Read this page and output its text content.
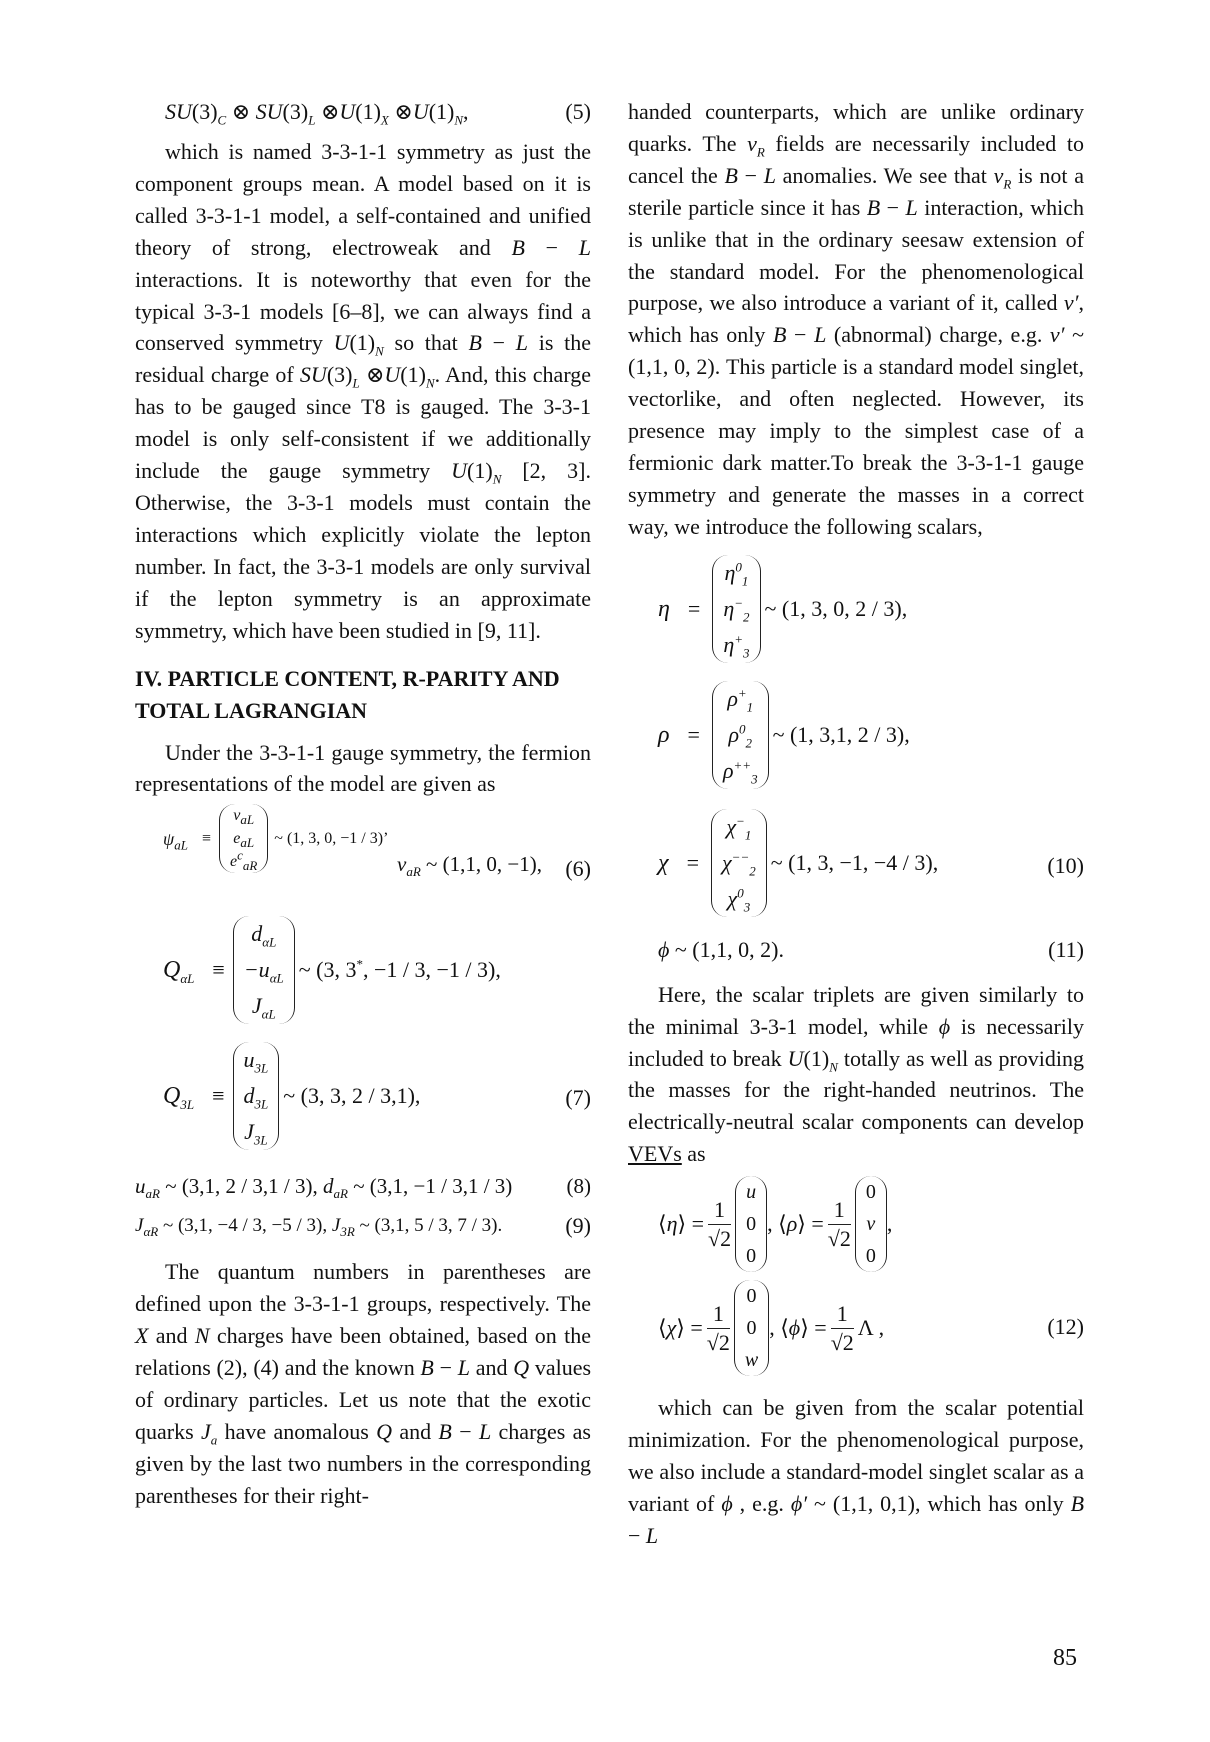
$SU(3)_C$ ⊗ $SU(3)_L$ $\otimes U(1)_X$ $\otimes U(1)_N$,	(5)

which is named 3-3-1-1 symmetry as just the component groups mean. A model based on it is called 3-3-1-1 model, a self-contained and unified theory of strong, electroweak and B − L interactions. It is noteworthy that even for the typical 3-3-1 models [6–8], we can always find a conserved symmetry $U(1)_N$ so that B − L is the residual charge of $SU(3)_L$ $\otimes U(1)_N$. And, this charge has to be gauged since T8 is gauged. The 3-3-1 model is only self-consistent if we additionally include the gauge symmetry $U(1)_N$ [2, 3]. Otherwise, the 3-3-1 models must contain the interactions which explicitly violate the lepton number. In fact, the 3-3-1 models are only survival if the lepton symmetry is an approximate symmetry, which have been studied in [9, 11].

IV. PARTICLE CONTENT, R-PARITY AND TOTAL LAGRANGIAN

Under the 3-3-1-1 gauge symmetry, the fermion representations of the model are given as

$\psi_{aL}$ ≡
$\nu_{aL}$
$e_{aL}$
$e^c_{aR}$
~ (1, 3, 0, −1 / 3)’
$\nu_{aR}$ ~ (1,1, 0, −1), (6)
$Q_{\alpha L}$ ≡
$d_{\alpha L}$
$-u_{\alpha L}$
$J_{\alpha L}$
~ (3, 3*, −1 / 3, −1 / 3),
$Q_{3L}$ ≡
$u_{3L}$
$d_{3L}$
$J_{3L}$
~ (3, 3, 2 / 3,1),	(7)
$u_{aR}$ ~ (3,1, 2 / 3,1 / 3), $d_{aR}$ ~ (3,1, −1 / 3,1 / 3)	(8)
$J_{\alpha R}$ ~ (3,1, −4 / 3, −5 / 3), $J_{3R}$ ~ (3,1, 5 / 3, 7 / 3).	(9)

The quantum numbers in parentheses are defined upon the 3-3-1-1 groups, respectively. The X and N charges have been obtained, based on the relations (2), (4) and the known B − L and Q values of ordinary particles. Let us note that the exotic quarks $J_a$ have anomalous Q and B − L charges as given by the last two numbers in the corresponding parentheses for their right-

handed counterparts, which are unlike ordinary quarks. The $\nu_R$ fields are necessarily included to cancel the B − L anomalies. We see that $\nu_R$ is not a sterile particle since it has B − L interaction, which is unlike that in the ordinary seesaw extension of the standard model. For the phenomenological purpose, we also introduce a variant of it, called ν′, which has only B − L (abnormal) charge, e.g. ν′ ~ (1,1, 0, 2). This particle is a standard model singlet, vectorlike, and often neglected. However, its presence may imply to the simplest case of a fermionic dark matter.To break the 3-3-1-1 gauge symmetry and generate the masses in a correct way, we introduce the following scalars,

η =
$\eta^0_1$
$\eta^-_2$
$\eta^+_3$
~ (1, 3, 0, 2 / 3),
ρ =
$\rho^+_1$
$\rho^0_2$
$\rho^{++}_3$
~ (1, 3,1, 2 / 3),
χ =
$\chi^-_1$
$\chi^{--}_2$
$\chi^0_3$
~ (1, 3, −1, −4 / 3),	(10)
ϕ ~ (1,1, 0, 2).	(11)

Here, the scalar triplets are given similarly to the minimal 3-3-1 model, while ϕ is necessarily included to break $U(1)_N$ totally as well as providing the masses for the right-handed neutrinos. The electrically-neutral scalar components can develop VEVs as

⟨η⟩ = $\frac{1}{√2}$
u
0
0
, ⟨ρ⟩ = $\frac{1}{√2}$
0
v
0
,
⟨χ⟩ = $\frac{1}{√2}$
0
0
w
, ⟨ϕ⟩ = $\frac{1}{√2}$ Λ ,	(12)

which can be given from the scalar potential minimization. For the phenomenological purpose, we also include a standard-model singlet scalar as a variant of ϕ , e.g. ϕ′ ~ (1,1, 0,1), which has only B − L

85
